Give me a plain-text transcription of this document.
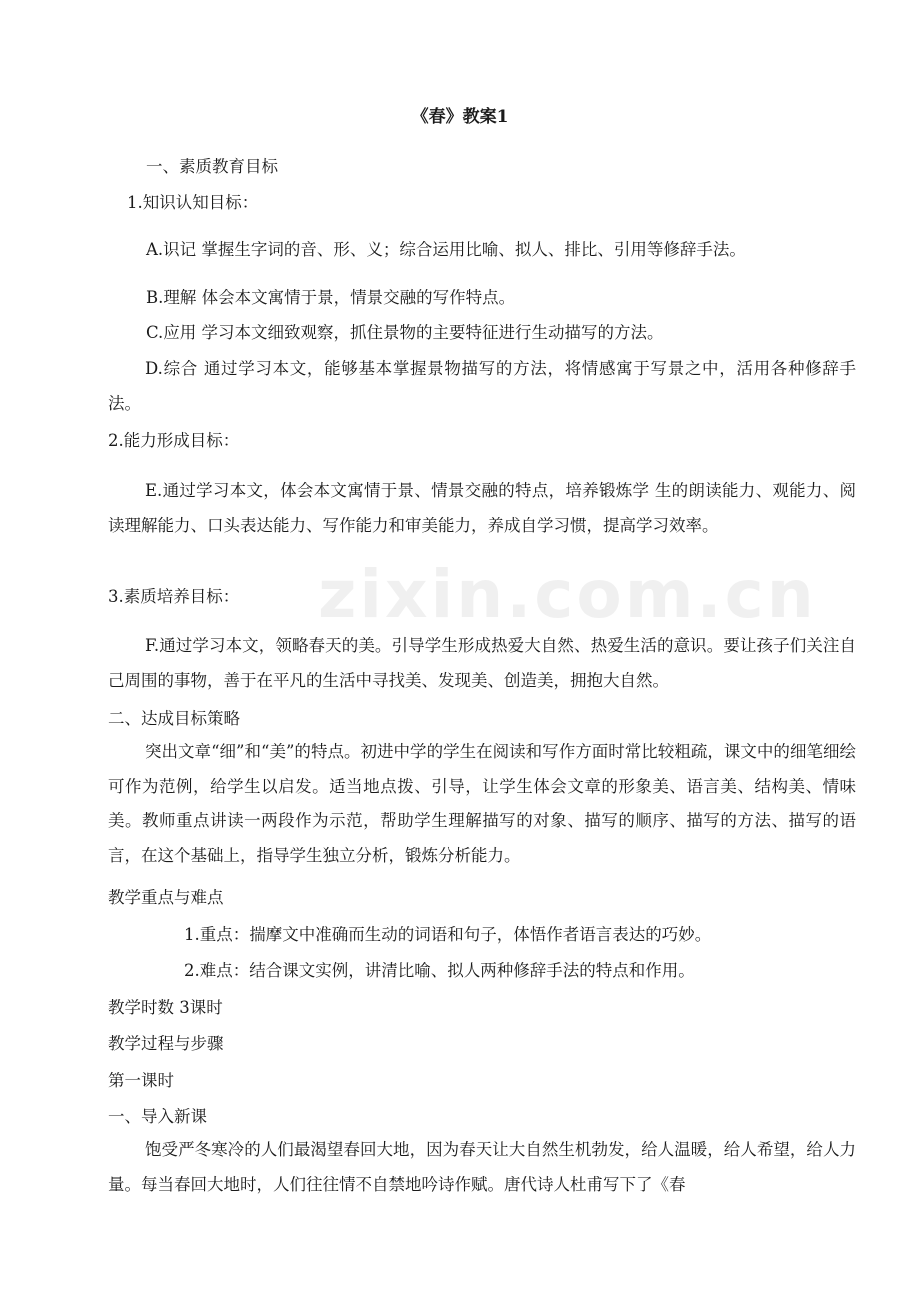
zixin.com.cn
《春》教案1

一、素质教育目标

1.知识认知目标：

A.识记 掌握生字词的音、形、义；综合运用比喻、拟人、排比、引用等修辞手法。

B.理解 体会本文寓情于景，情景交融的写作特点。

C.应用 学习本文细致观察，抓住景物的主要特征进行生动描写的方法。

D.综合 通过学习本文，能够基本掌握景物描写的方法，将情感寓于写景之中，活用各种修辞手法。

2.能力形成目标：

E.通过学习本文，体会本文寓情于景、情景交融的特点，培养锻炼学 生的朗读能力、观能力、阅读理解能力、口头表达能力、写作能力和审美能力，养成自学习惯，提高学习效率。

3.素质培养目标：

F.通过学习本文，领略春天的美。引导学生形成热爱大自然、热爱生活的意识。要让孩子们关注自己周围的事物，善于在平凡的生活中寻找美、发现美、创造美，拥抱大自然。

二、达成目标策略

突出文章“细”和“美”的特点。初进中学的学生在阅读和写作方面时常比较粗疏，课文中的细笔细绘可作为范例，给学生以启发。适当地点拨、引导，让学生体会文章的形象美、语言美、结构美、情味美。教师重点讲读一两段作为示范，帮助学生理解描写的对象、描写的顺序、描写的方法、描写的语言，在这个基础上，指导学生独立分析，锻炼分析能力。

教学重点与难点

1.重点：揣摩文中准确而生动的词语和句子，体悟作者语言表达的巧妙。

2.难点：结合课文实例，讲清比喻、拟人两种修辞手法的特点和作用。

教学时数 3课时

教学过程与步骤

第一课时

一、导入新课

饱受严冬寒冷的人们最渴望春回大地，因为春天让大自然生机勃发，给人温暖，给人希望，给人力量。每当春回大地时，人们往往情不自禁地吟诗作赋。唐代诗人杜甫写下了《春
